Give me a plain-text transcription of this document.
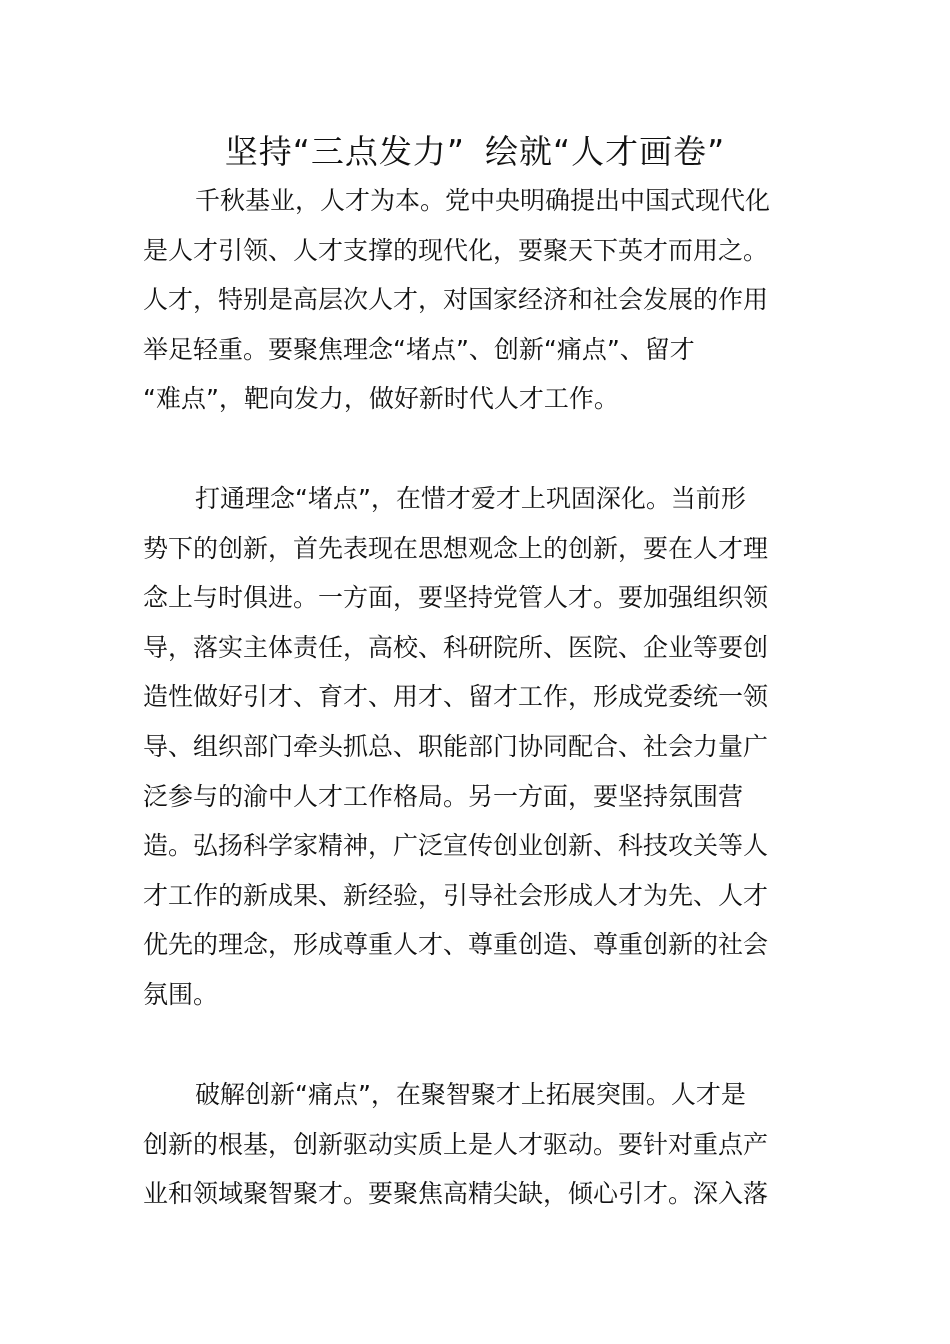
坚持“三点发力” 绘就“人才画卷”
千秋基业，人才为本。党中央明确提出中国式现代化
是人才引领、人才支撑的现代化，要聚天下英才而用之。
人才，特别是高层次人才，对国家经济和社会发展的作用
举足轻重。要聚焦理念“堵点”、创新“痛点”、留才
“难点”，靶向发力，做好新时代人才工作。
打通理念“堵点”，在惜才爱才上巩固深化。当前形
势下的创新，首先表现在思想观念上的创新，要在人才理
念上与时俱进。一方面，要坚持党管人才。要加强组织领
导，落实主体责任，高校、科研院所、医院、企业等要创
造性做好引才、育才、用才、留才工作，形成党委统一领
导、组织部门牵头抓总、职能部门协同配合、社会力量广
泛参与的渝中人才工作格局。另一方面，要坚持氛围营
造。弘扬科学家精神，广泛宣传创业创新、科技攻关等人
才工作的新成果、新经验，引导社会形成人才为先、人才
优先的理念，形成尊重人才、尊重创造、尊重创新的社会
氛围。
破解创新“痛点”，在聚智聚才上拓展突围。人才是
创新的根基，创新驱动实质上是人才驱动。要针对重点产
业和领域聚智聚才。要聚焦高精尖缺，倾心引才。深入落
